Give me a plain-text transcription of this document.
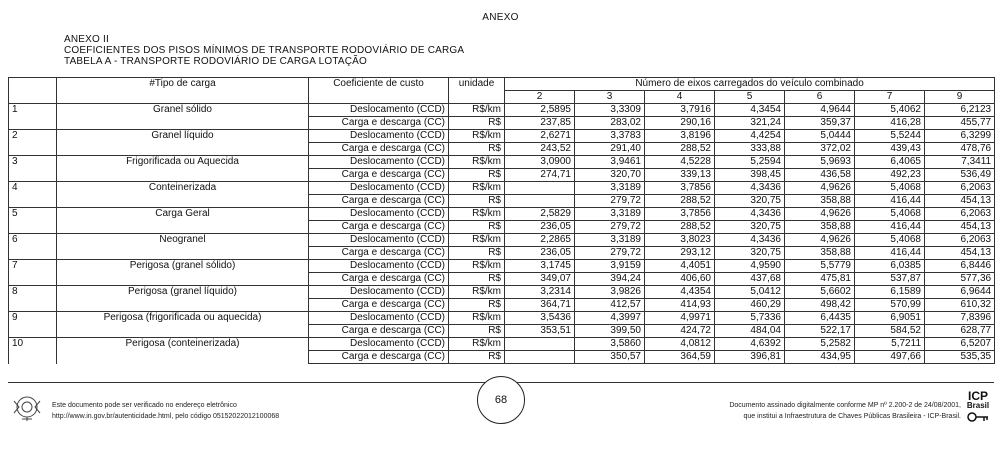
ANEXO
ANEXO II
COEFICIENTES DOS PISOS MÍNIMOS DE TRANSPORTE RODOVIÁRIO DE CARGA
TABELA A - TRANSPORTE RODOVIÁRIO DE CARGA LOTAÇÃO
	#Tipo de carga	Coeficiente de custo	unidade	Número de eixos carregados do veículo combinado						
				2	3	4	5	6	7	9
1	Granel sólido	Deslocamento (CCD)	R$/km	2,5895	3,3309	3,7916	4,3454	4,9644	5,4062	6,2123
		Carga e descarga (CC)	R$	237,85	283,02	290,16	321,24	359,37	416,28	455,77
2	Granel líquido	Deslocamento (CCD)	R$/km	2,6271	3,3783	3,8196	4,4254	5,0444	5,5244	6,3299
		Carga e descarga (CC)	R$	243,52	291,40	288,52	333,88	372,02	439,43	478,76
3	Frigorificada ou Aquecida	Deslocamento (CCD)	R$/km	3,0900	3,9461	4,5228	5,2594	5,9693	6,4065	7,3411
		Carga e descarga (CC)	R$	274,71	320,70	339,13	398,45	436,58	492,23	536,49
4	Conteinerizada	Deslocamento (CCD)	R$/km		3,3189	3,7856	4,3436	4,9626	5,4068	6,2063
		Carga e descarga (CC)	R$		279,72	288,52	320,75	358,88	416,44	454,13
5	Carga Geral	Deslocamento (CCD)	R$/km	2,5829	3,3189	3,7856	4,3436	4,9626	5,4068	6,2063
		Carga e descarga (CC)	R$	236,05	279,72	288,52	320,75	358,88	416,44	454,13
6	Neogranel	Deslocamento (CCD)	R$/km	2,2865	3,3189	3,8023	4,3436	4,9626	5,4068	6,2063
		Carga e descarga (CC)	R$	236,05	279,72	293,12	320,75	358,88	416,44	454,13
7	Perigosa (granel sólido)	Deslocamento (CCD)	R$/km	3,1745	3,9159	4,4051	4,9590	5,5779	6,0385	6,8446
		Carga e descarga (CC)	R$	349,07	394,24	406,60	437,68	475,81	537,87	577,36
8	Perigosa (granel líquido)	Deslocamento (CCD)	R$/km	3,2314	3,9826	4,4354	5,0412	5,6602	6,1589	6,9644
		Carga e descarga (CC)	R$	364,71	412,57	414,93	460,29	498,42	570,99	610,32
9	Perigosa (frigorificada ou aquecida)	Deslocamento (CCD)	R$/km	3,5436	4,3997	4,9971	5,7336	6,4435	6,9051	7,8396
		Carga e descarga (CC)	R$	353,51	399,50	424,72	484,04	522,17	584,52	628,77
10	Perigosa (conteinerizada)	Deslocamento (CCD)	R$/km		3,5860	4,0812	4,6392	5,2582	5,7211	6,5207
		Carga e descarga (CC)	R$		350,57	364,59	396,81	434,95	497,66	535,35
Este documento pode ser verificado no endereço eletrônico
http://www.in.gov.br/autenticidade.html, pelo código 05152022012100068
68	Documento assinado digitalmente conforme MP nº 2.200-2 de 24/08/2001,
que institui a Infraestrutura de Chaves Públicas Brasileira - ICP-Brasil.
ICP
Brasil
